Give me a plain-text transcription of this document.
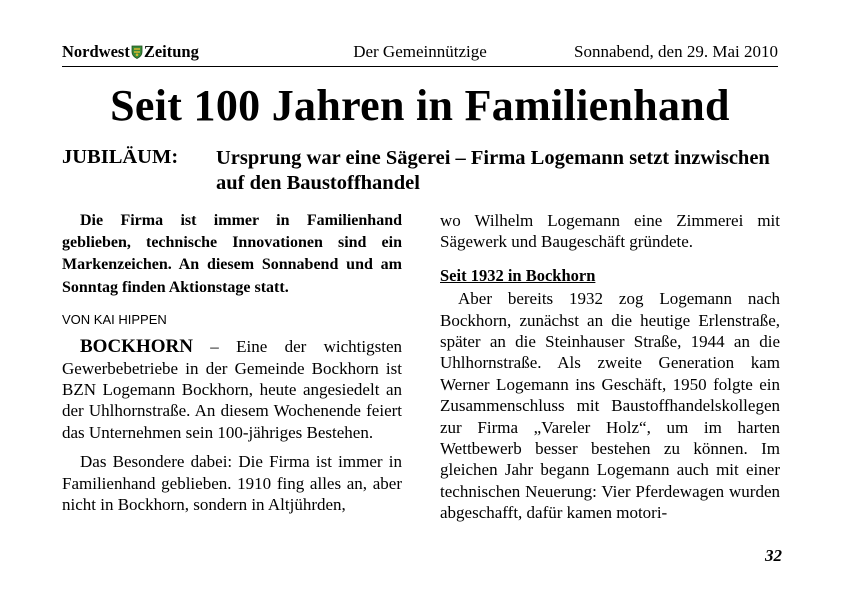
Nordwest Zeitung	Der Gemeinnützige	Sonnabend, den 29. Mai 2010
Seit 100 Jahren in Familienhand
JUBILÄUM: Ursprung war eine Sägerei – Firma Logemann setzt inzwischen auf den Baustoffhandel

Die Firma ist immer in Familienhand geblieben, technische Innovationen sind ein Markenzeichen. An diesem Sonnabend und am Sonntag finden Aktionstage statt.

VON KAI HIPPEN

BOCKHORN – Eine der wichtigsten Gewerbebetriebe in der Gemeinde Bockhorn ist BZN Logemann Bockhorn, heute angesiedelt an der Uhlhornstraße. An diesem Wochenende feiert das Unternehmen sein 100-jähriges Bestehen.

Das Besondere dabei: Die Firma ist immer in Familienhand geblieben. 1910 fing alles an, aber nicht in Bockhorn, sondern in Altjührden,

wo Wilhelm Logemann eine Zimmerei mit Sägewerk und Baugeschäft gründete.

Seit 1932 in Bockhorn

Aber bereits 1932 zog Logemann nach Bockhorn, zunächst an die heutige Erlenstraße, später an die Steinhauser Straße, 1944 an die Uhlhornstraße. Als zweite Generation kam Werner Logemann ins Geschäft, 1950 folgte ein Zusammenschluss mit Baustoffhandelskollegen zur Firma „Vareler Holz“, um im harten Wettbewerb besser bestehen zu können. Im gleichen Jahr begann Logemann auch mit einer technischen Neuerung: Vier Pferdewagen wurden abgeschafft, dafür kamen motori-

32
